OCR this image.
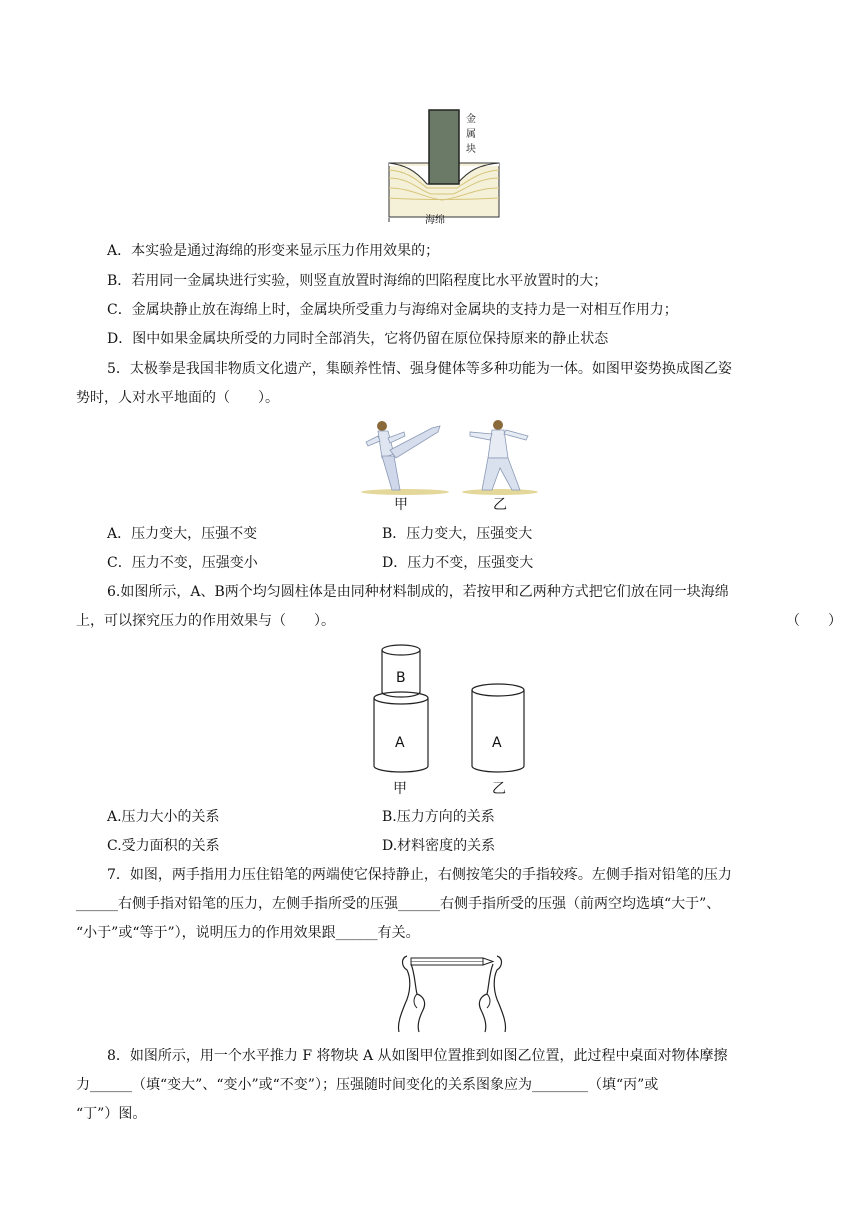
金
属
块
海绵
A．本实验是通过海绵的形变来显示压力作用效果的；
B．若用同一金属块进行实验，则竖直放置时海绵的凹陷程度比水平放置时的大；
C．金属块静止放在海绵上时，金属块所受重力与海绵对金属块的支持力是一对相互作用力；
D．图中如果金属块所受的力同时全部消失，它将仍留在原位保持原来的静止状态
5．太极拳是我国非物质文化遗产，集颐养性情、强身健体等多种功能为一体。如图甲姿势换成图乙姿
势时，人对水平地面的（　　）。
甲	乙
A．压力变大，压强不变	B．压力变大，压强变大
C．压力不变，压强变小	D．压力不变，压强变大
6.如图所示，A、B两个均匀圆柱体是由同种材料制成的，若按甲和乙两种方式把它们放在同一块海绵
上，可以探究压力的作用效果与（　　）。	（　　）
B
A	A
甲	乙
A.压力大小的关系	B.压力方向的关系
C.受力面积的关系	D.材料密度的关系
7．如图，两手指用力压住铅笔的两端使它保持静止，右侧按笔尖的手指较疼。左侧手指对铅笔的压力
______右侧手指对铅笔的压力，左侧手指所受的压强______右侧手指所受的压强（前两空均选填“大于”、
“小于”或“等于”），说明压力的作用效果跟______有关。
8．如图所示，用一个水平推力 F 将物块 A 从如图甲位置推到如图乙位置，此过程中桌面对物体摩擦
力______（填“变大”、“变小”或“不变”）；压强随时间变化的关系图象应为________（填“丙”或
“丁”）图。
